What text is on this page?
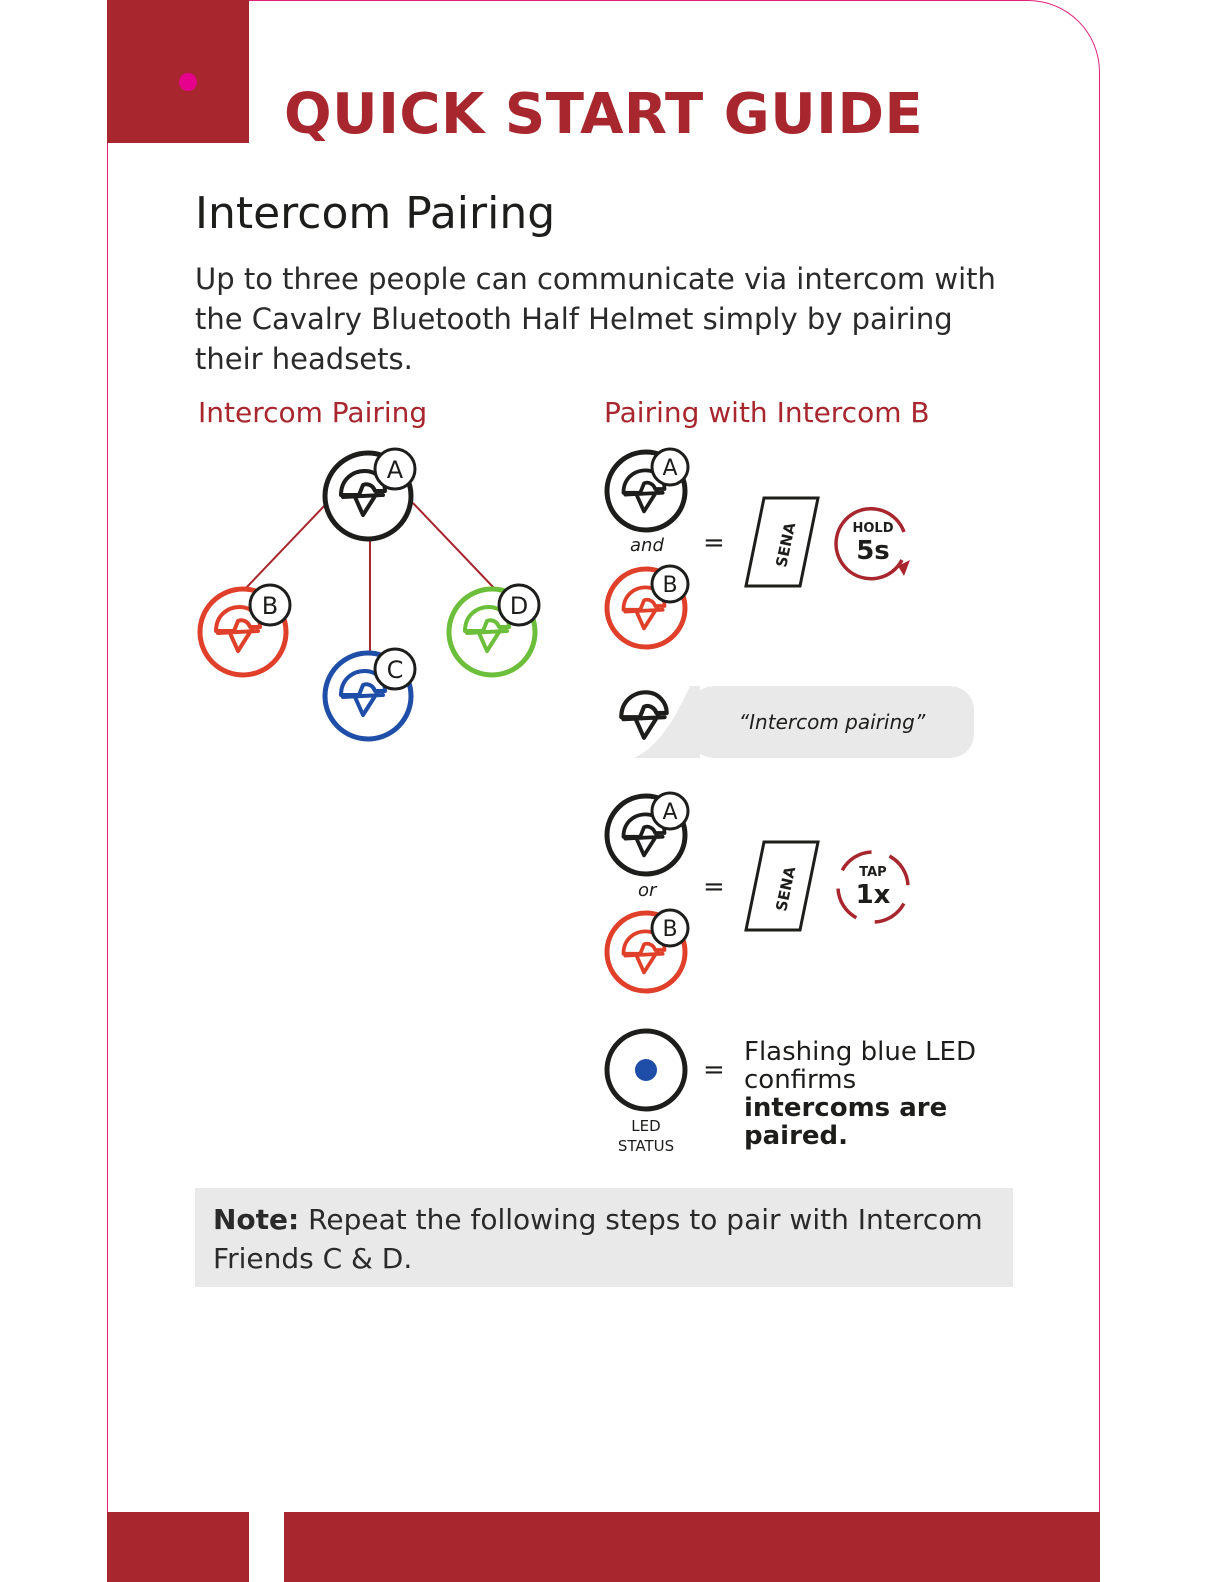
QUICK START GUIDE
Intercom Pairing

Up to three people can communicate via intercom with the Cavalry Bluetooth Half Helmet simply by pairing their headsets.

Intercom Pairing
A
B
C
D
Pairing with Intercom B
A
B
and =	SENA	HOLD
5s
“Intercom pairing”
A
B
or =	SENA	TAP
1x
LED
STATUS
=
Flashing blue LED confirms intercoms are paired.
Note: Repeat the following steps to pair with Intercom Friends C & D.
